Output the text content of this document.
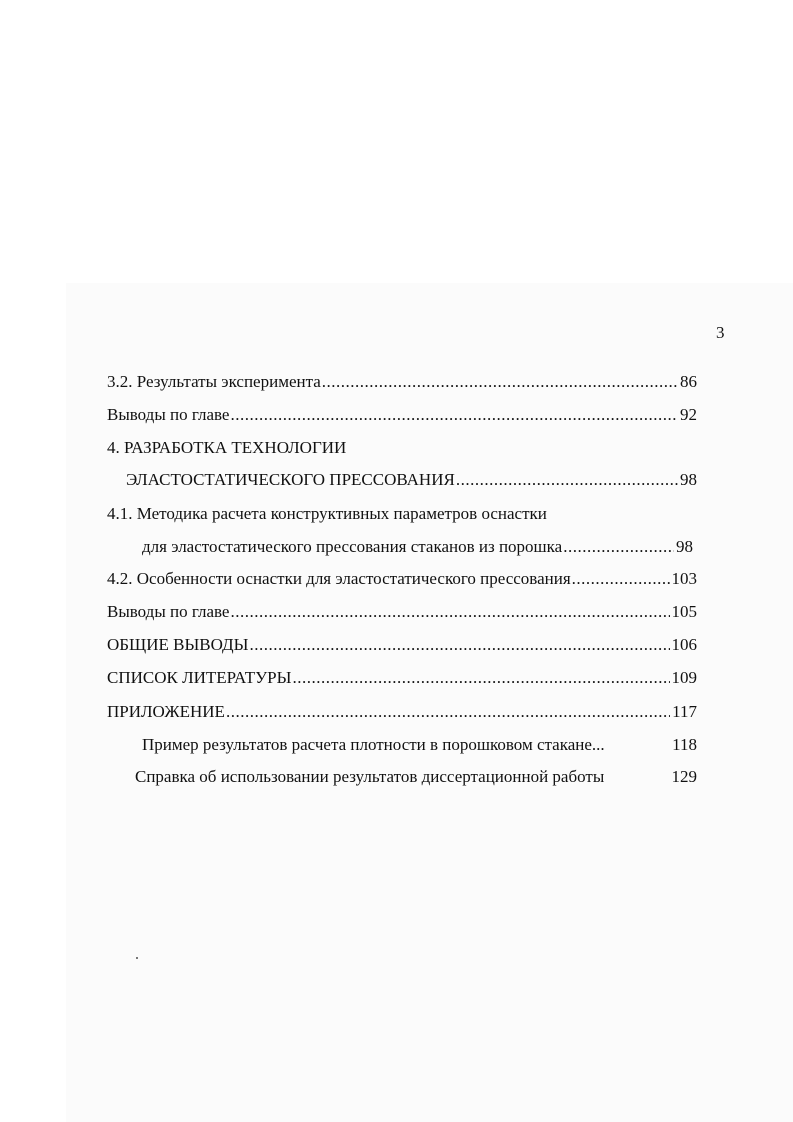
3
3.2. Результаты эксперимента .....	86
Выводы по главе .....	92
4. РАЗРАБОТКА ТЕХНОЛОГИИ
ЭЛАСТОСТАТИЧЕСКОГО ПРЕССОВАНИЯ .....	98
4.1. Методика расчета конструктивных параметров оснастки
для эластостатического прессования стаканов из порошка .....	98
4.2. Особенности оснастки для эластостатического прессования .....	103
Выводы по главе .....	105
ОБЩИЕ ВЫВОДЫ .....	106
СПИСОК ЛИТЕРАТУРЫ .....	109
ПРИЛОЖЕНИЕ .....	117
Пример результатов расчета плотности в порошковом стакане...	118
Справка об использовании результатов диссертационной работы	129
